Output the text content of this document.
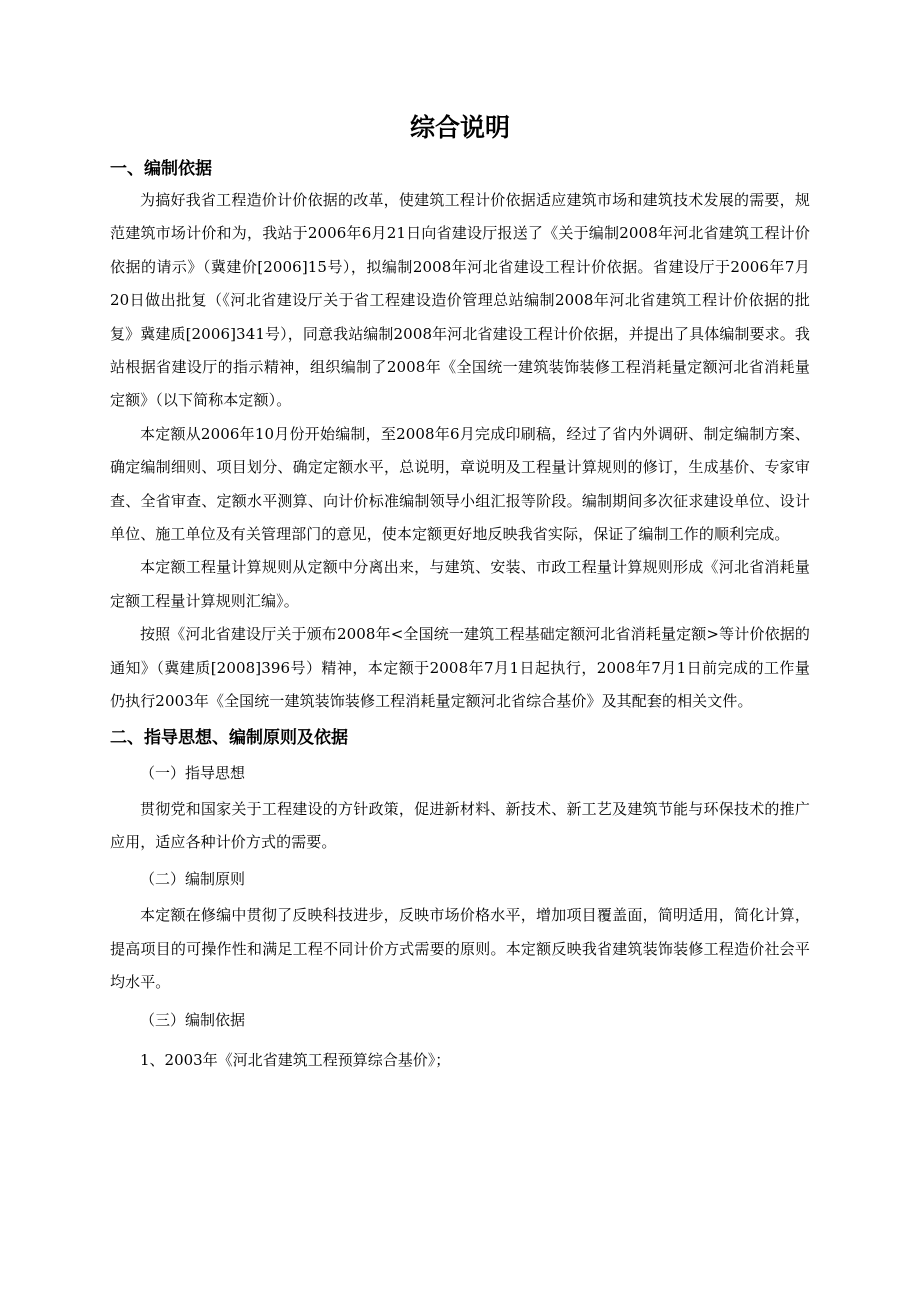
综合说明
一、编制依据

为搞好我省工程造价计价依据的改革，使建筑工程计价依据适应建筑市场和建筑技术发展的需要，规范建筑市场计价和为，我站于2006年6月21日向省建设厅报送了《关于编制2008年河北省建筑工程计价依据的请示》（冀建价[2006]15号），拟编制2008年河北省建设工程计价依据。省建设厅于2006年7月20日做出批复（《河北省建设厅关于省工程建设造价管理总站编制2008年河北省建筑工程计价依据的批复》冀建质[2006]341号），同意我站编制2008年河北省建设工程计价依据，并提出了具体编制要求。我站根据省建设厅的指示精神，组织编制了2008年《全国统一建筑装饰装修工程消耗量定额河北省消耗量定额》（以下简称本定额）。

本定额从2006年10月份开始编制，至2008年6月完成印刷稿，经过了省内外调研、制定编制方案、确定编制细则、项目划分、确定定额水平，总说明，章说明及工程量计算规则的修订，生成基价、专家审查、全省审查、定额水平测算、向计价标准编制领导小组汇报等阶段。编制期间多次征求建设单位、设计单位、施工单位及有关管理部门的意见，使本定额更好地反映我省实际，保证了编制工作的顺利完成。

本定额工程量计算规则从定额中分离出来，与建筑、安装、市政工程量计算规则形成《河北省消耗量定额工程量计算规则汇编》。

按照《河北省建设厅关于颁布2008年<全国统一建筑工程基础定额河北省消耗量定额>等计价依据的通知》（冀建质[2008]396号）精神，本定额于2008年7月1日起执行，2008年7月1日前完成的工作量仍执行2003年《全国统一建筑装饰装修工程消耗量定额河北省综合基价》及其配套的相关文件。

二、指导思想、编制原则及依据

（一）指导思想

贯彻党和国家关于工程建设的方针政策，促进新材料、新技术、新工艺及建筑节能与环保技术的推广应用，适应各种计价方式的需要。

（二）编制原则

本定额在修编中贯彻了反映科技进步，反映市场价格水平，增加项目覆盖面，简明适用，简化计算，提高项目的可操作性和满足工程不同计价方式需要的原则。本定额反映我省建筑装饰装修工程造价社会平均水平。

（三）编制依据

1、2003年《河北省建筑工程预算综合基价》；
